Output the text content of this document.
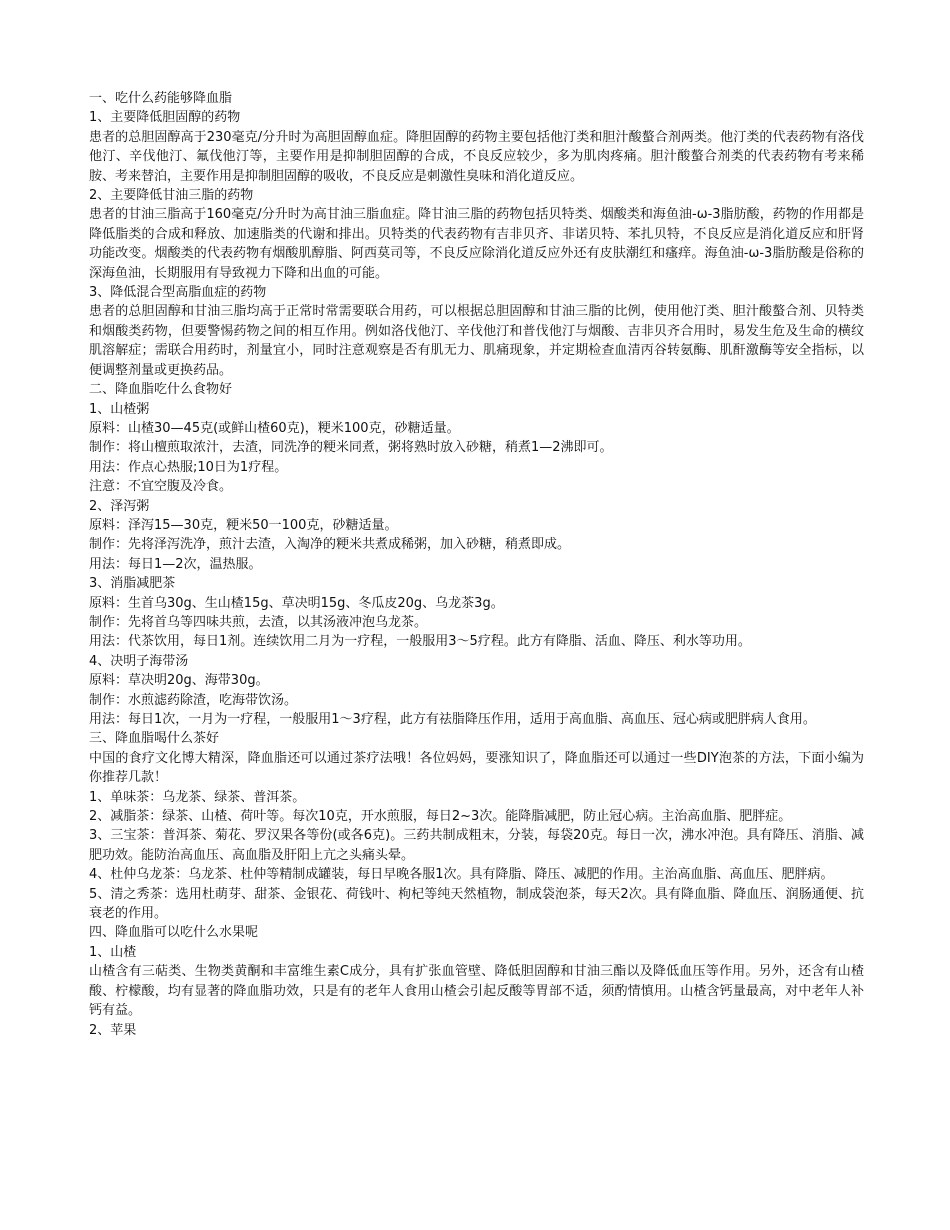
一、吃什么药能够降血脂

1、主要降低胆固醇的药物

患者的总胆固醇高于230毫克/分升时为高胆固醇血症。降胆固醇的药物主要包括他汀类和胆汁酸螯合剂两类。他汀类的代表药物有洛伐他汀、辛伐他汀、氟伐他汀等，主要作用是抑制胆固醇的合成，不良反应较少，多为肌肉疼痛。胆汁酸螯合剂类的代表药物有考来稀胺、考来替泊，主要作用是抑制胆固醇的吸收，不良反应是刺激性臭味和消化道反应。

2、主要降低甘油三脂的药物

患者的甘油三脂高于160毫克/分升时为高甘油三脂血症。降甘油三脂的药物包括贝特类、烟酸类和海鱼油-ω-3脂肪酸，药物的作用都是降低脂类的合成和释放、加速脂类的代谢和排出。贝特类的代表药物有吉非贝齐、非诺贝特、苯扎贝特，不良反应是消化道反应和肝肾功能改变。烟酸类的代表药物有烟酸肌醇脂、阿西莫司等，不良反应除消化道反应外还有皮肤潮红和瘙痒。海鱼油-ω-3脂肪酸是俗称的深海鱼油，长期服用有导致视力下降和出血的可能。

3、降低混合型高脂血症的药物

患者的总胆固醇和甘油三脂均高于正常时常需要联合用药，可以根据总胆固醇和甘油三脂的比例，使用他汀类、胆汁酸螯合剂、贝特类和烟酸类药物，但要警惕药物之间的相互作用。例如洛伐他汀、辛伐他汀和普伐他汀与烟酸、吉非贝齐合用时，易发生危及生命的横纹肌溶解症；需联合用药时，剂量宜小，同时注意观察是否有肌无力、肌痛现象，并定期检查血清丙谷转氨酶、肌酐激酶等安全指标，以便调整剂量或更换药品。

二、降血脂吃什么食物好

1、山楂粥

原料：山楂30—45克(或鲜山楂60克)，粳米100克，砂糖适量。

制作：将山檀煎取浓汁，去渣，同洗净的粳米同煮，粥将熟时放入砂糖，稍煮1—2沸即可。

用法：作点心热服;10日为1疗程。

注意：不宜空腹及冷食。

2、泽泻粥

原料：泽泻15—30克，粳米50一100克，砂糖适量。

制作：先将泽泻洗净，煎汁去渣，入淘净的粳米共煮成稀粥，加入砂糖，稍煮即成。

用法：每日1—2次，温热服。

3、消脂减肥茶

原料：生首乌30g、生山楂15g、草决明15g、冬瓜皮20g、乌龙茶3g。

制作：先将首乌等四味共煎，去渣，以其汤液冲泡乌龙茶。

用法：代茶饮用，每日1剂。连续饮用二月为一疗程，一般服用3～5疗程。此方有降脂、活血、降压、利水等功用。

4、决明子海带汤

原料：草决明20g、海带30g。

制作：水煎滤药除渣，吃海带饮汤。

用法：每日1次，一月为一疗程，一般服用1～3疗程，此方有祛脂降压作用，适用于高血脂、高血压、冠心病或肥胖病人食用。

三、降血脂喝什么茶好

中国的食疗文化博大精深，降血脂还可以通过茶疗法哦！各位妈妈，要涨知识了，降血脂还可以通过一些DIY泡茶的方法，下面小编为你推荐几款！

1、单味茶：乌龙茶、绿茶、普洱茶。

2、减脂茶：绿茶、山楂、荷叶等。每次10克，开水煎服，每日2~3次。能降脂减肥，防止冠心病。主治高血脂、肥胖症。

3、三宝茶：普洱茶、菊花、罗汉果各等份(或各6克)。三药共制成粗末，分装，每袋20克。每日一次，沸水冲泡。具有降压、消脂、减肥功效。能防治高血压、高血脂及肝阳上亢之头痛头晕。

4、杜仲乌龙茶：乌龙茶、杜仲等精制成罐装，每日早晚各服1次。具有降脂、降压、减肥的作用。主治高血脂、高血压、肥胖病。

5、清之秀茶：选用杜萌芽、甜茶、金银花、荷钱叶、枸杞等纯天然植物，制成袋泡茶，每天2次。具有降血脂、降血压、润肠通便、抗衰老的作用。

四、降血脂可以吃什么水果呢

1、山楂

山楂含有三萜类、生物类黄酮和丰富维生素C成分，具有扩张血管壁、降低胆固醇和甘油三酯以及降低血压等作用。另外，还含有山楂酸、柠檬酸，均有显著的降血脂功效，只是有的老年人食用山楂会引起反酸等胃部不适，须酌情慎用。山楂含钙量最高，对中老年人补钙有益。

2、苹果
